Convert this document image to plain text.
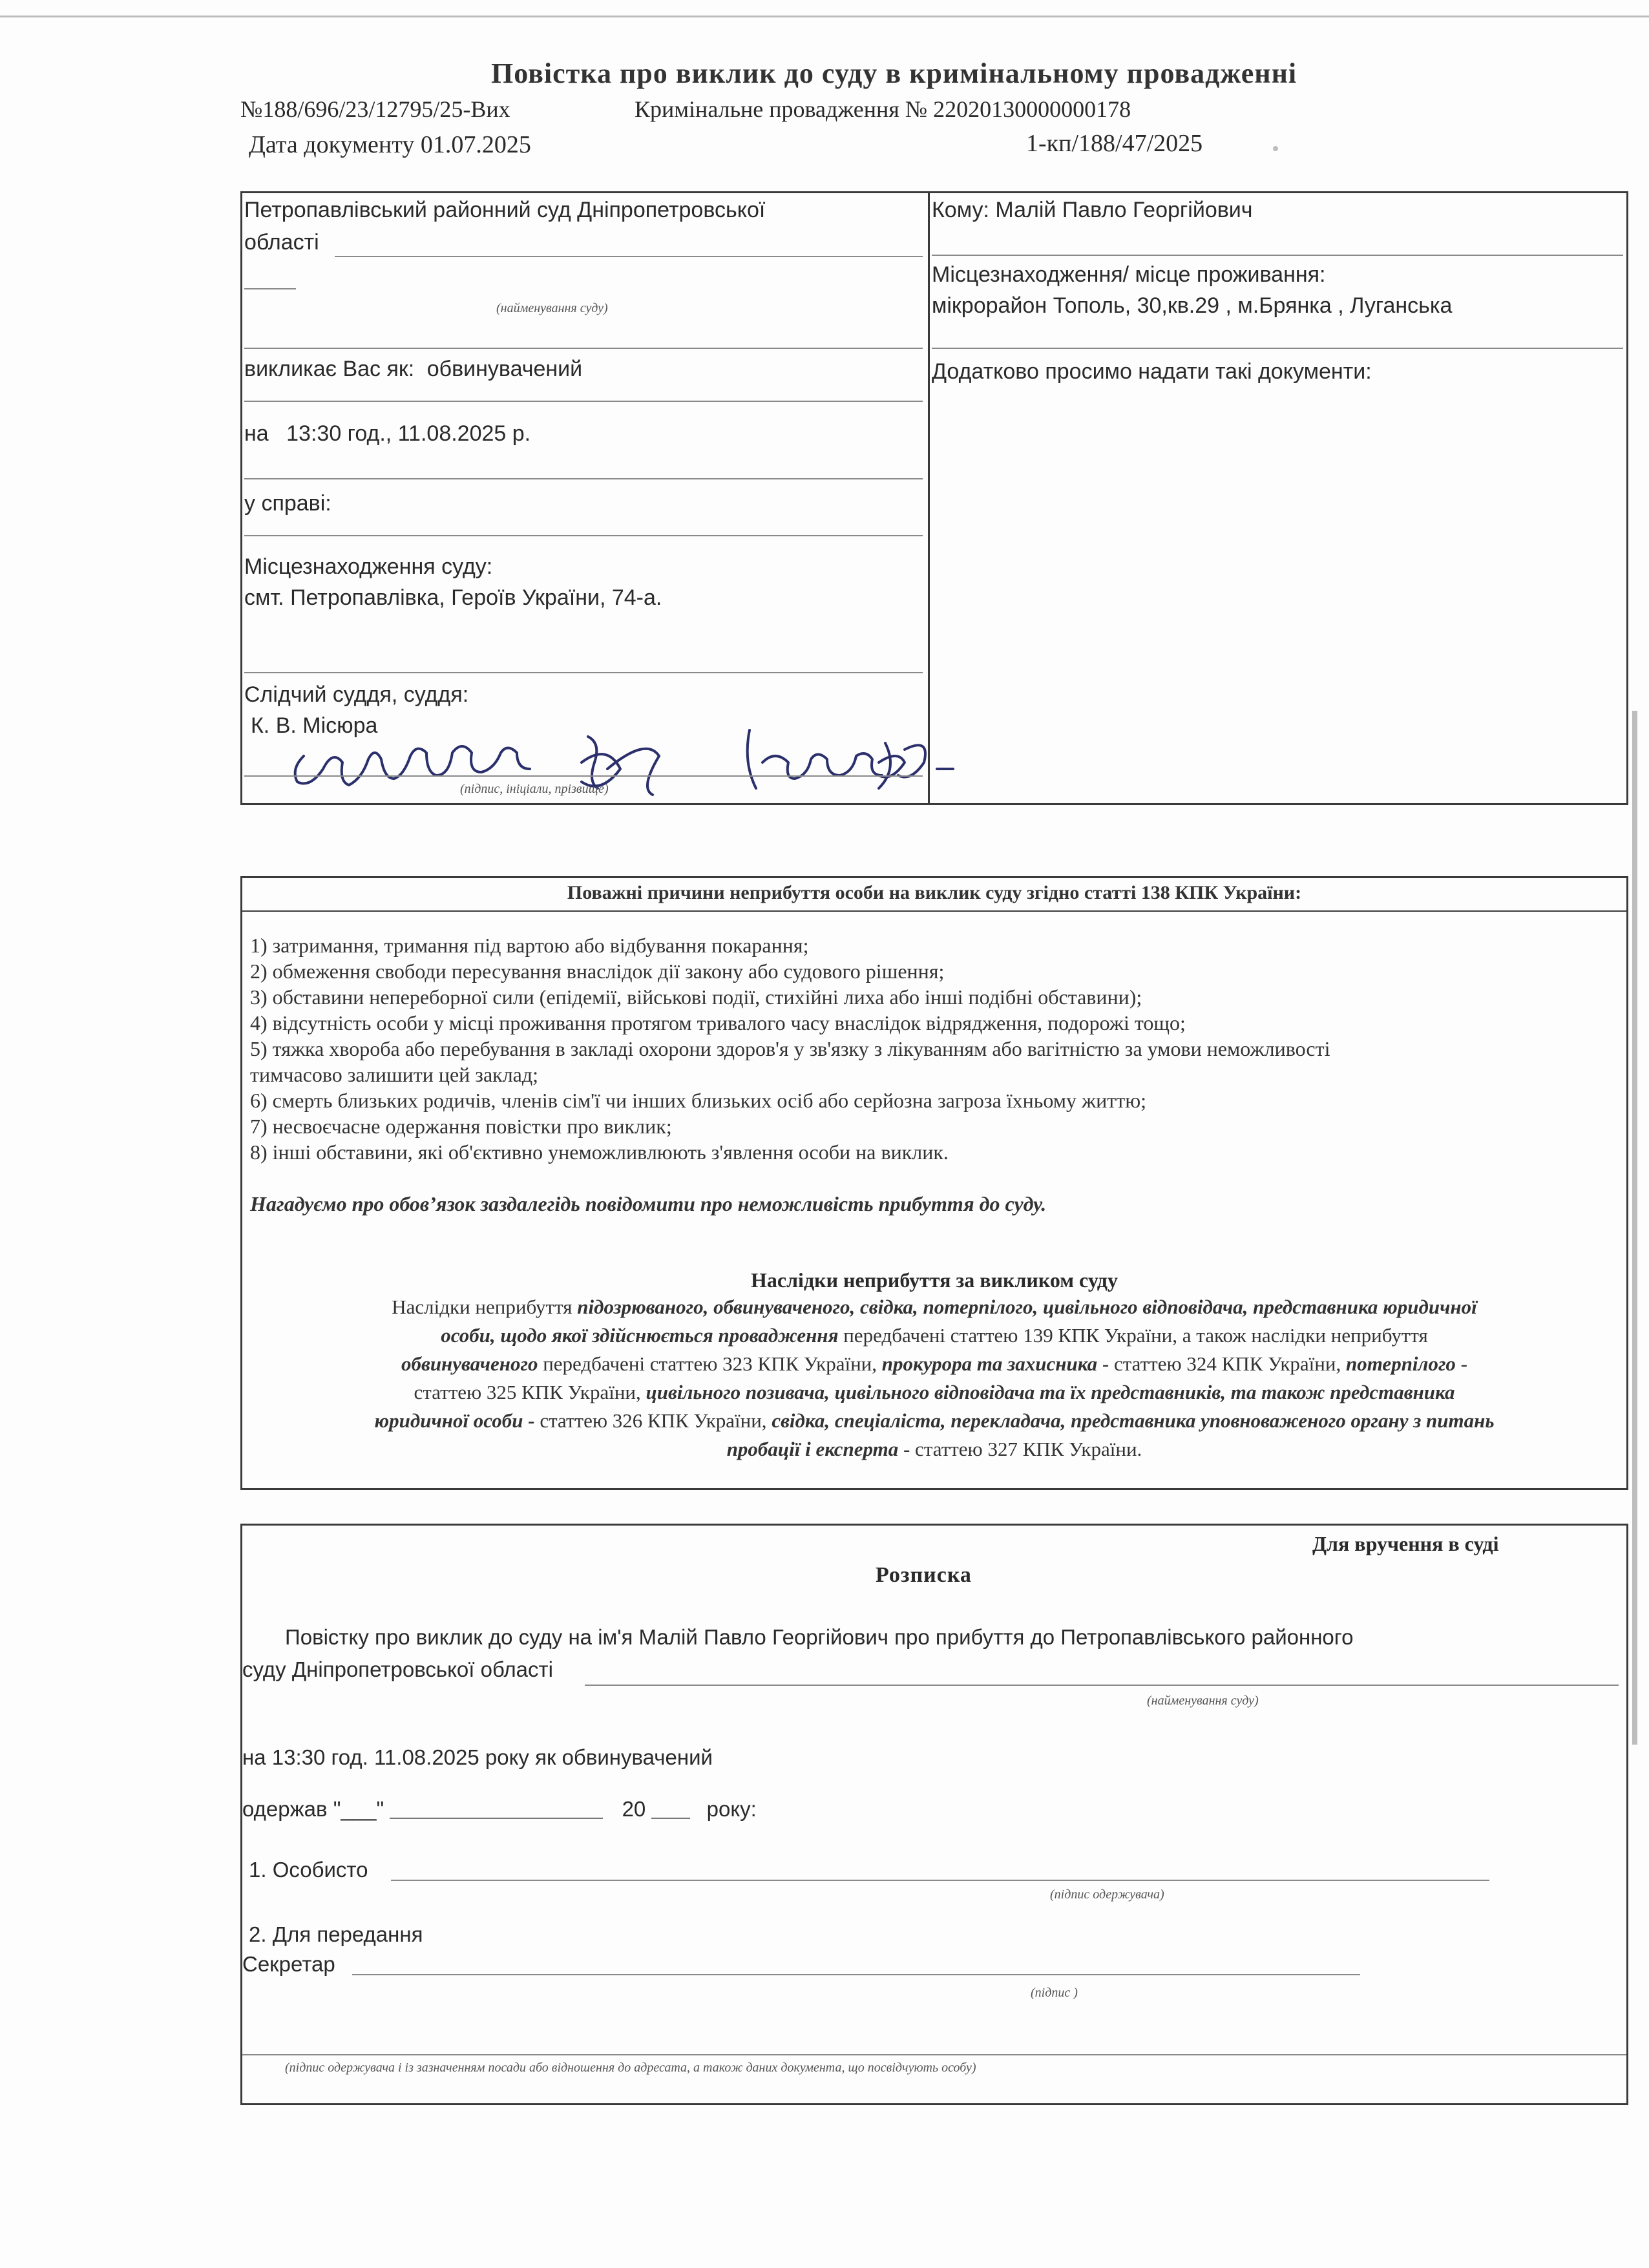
Повістка про виклик до суду в кримінальному провадженні
№188/696/23/12795/25-Вих	Кримінальне провадження № 22020130000000178
Дата документу 01.07.2025	1-кп/188/47/2025
Петропавлівський районний суд Дніпропетровської
області
(найменування суду)
викликає Вас як: обвинувачений
на 13:30 год., 11.08.2025 р.
у справі:
Місцезнаходження суду:
смт. Петропавлівка, Героїв України, 74-а.
Слідчий суддя, суддя:
К. В. Місюра
(підпис, ініціали, прізвище)
Кому: Малій Павло Георгійович
Місцезнаходження/ місце проживання:
мікрорайон Тополь, 30,кв.29 , м.Брянка , Луганська
Додатково просимо надати такі документи:
Поважні причини неприбуття особи на виклик суду згідно статті 138 КПК України:
1) затримання, тримання під вартою або відбування покарання;
2) обмеження свободи пересування внаслідок дії закону або судового рішення;
3) обставини непереборної сили (епідемії, військові події, стихійні лиха або інші подібні обставини);
4) відсутність особи у місці проживання протягом тривалого часу внаслідок відрядження, подорожі тощо;
5) тяжка хвороба або перебування в закладі охорони здоров'я у зв'язку з лікуванням або вагітністю за умови неможливості
тимчасово залишити цей заклад;
6) смерть близьких родичів, членів сім'ї чи інших близьких осіб або серйозна загроза їхньому життю;
7) несвоєчасне одержання повістки про виклик;
8) інші обставини, які об'єктивно унеможливлюють з'явлення особи на виклик.
Нагадуємо про обов’язок заздалегідь повідомити про неможливість прибуття до суду.
Наслідки неприбуття за викликом суду
Наслідки неприбуття підозрюваного, обвинуваченого, свідка, потерпілого, цивільного відповідача, представника юридичної
особи, щодо якої здійснюється провадження передбачені статтею 139 КПК України, а також наслідки неприбуття
обвинуваченого передбачені статтею 323 КПК України, прокурора та захисника - статтею 324 КПК України, потерпілого -
статтею 325 КПК України, цивільного позивача, цивільного відповідача та їх представників, та також представника
юридичної особи - статтею 326 КПК України, свідка, спеціаліста, перекладача, представника уповноваженого органу з питань
пробації і експерта - статтею 327 КПК України.
Для вручення в суді
Розписка
Повістку про виклик до суду на ім'я Малій Павло Георгійович про прибуття до Петропавлівського районного
суду Дніпропетровської області
(найменування суду)
на 13:30 год. 11.08.2025 року як обвинувачений
одержав "___"	20	року:
1. Особисто
(підпис одержувача)
2. Для передання
Секретар
(підпис )
(підпис одержувача і із зазначенням посади або відношення до адресата, а також даних документа, що посвідчують особу)
